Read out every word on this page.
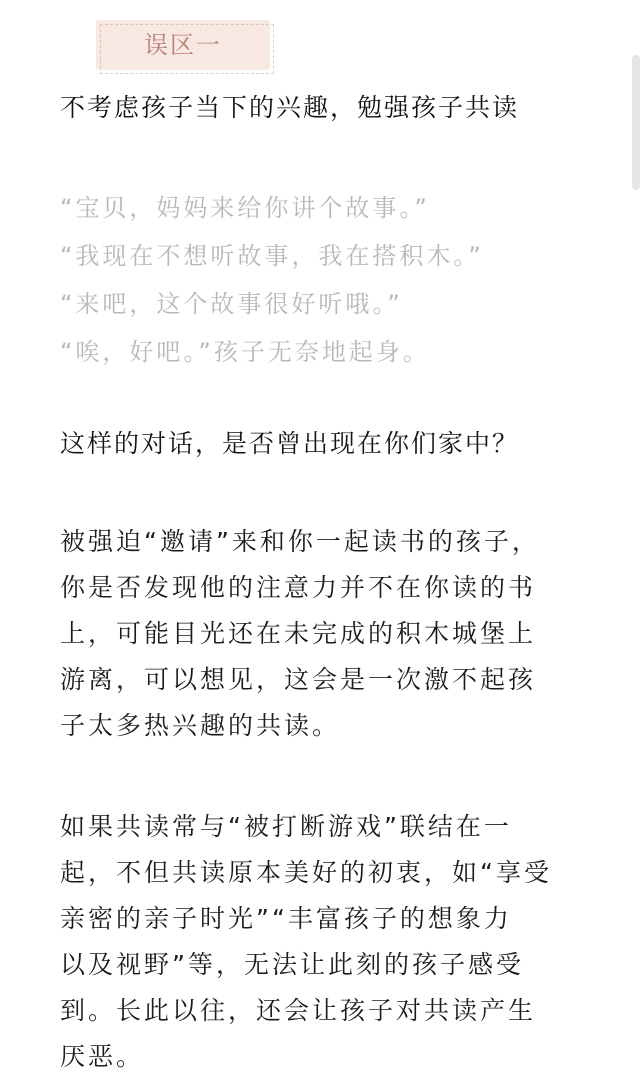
误区一
不考虑孩子当下的兴趣，勉强孩子共读
“宝贝，妈妈来给你讲个故事。”
“我现在不想听故事，我在搭积木。”
“来吧，这个故事很好听哦。”
“唉，好吧。”孩子无奈地起身。
这样的对话，是否曾出现在你们家中？
被强迫“邀请”来和你一起读书的孩子，
你是否发现他的注意力并不在你读的书
上，可能目光还在未完成的积木城堡上
游离，可以想见，这会是一次激不起孩
子太多热兴趣的共读。
如果共读常与“被打断游戏”联结在一
起，不但共读原本美好的初衷，如“享受
亲密的亲子时光”“丰富孩子的想象力
以及视野”等，无法让此刻的孩子感受
到。长此以往，还会让孩子对共读产生
厌恶。
